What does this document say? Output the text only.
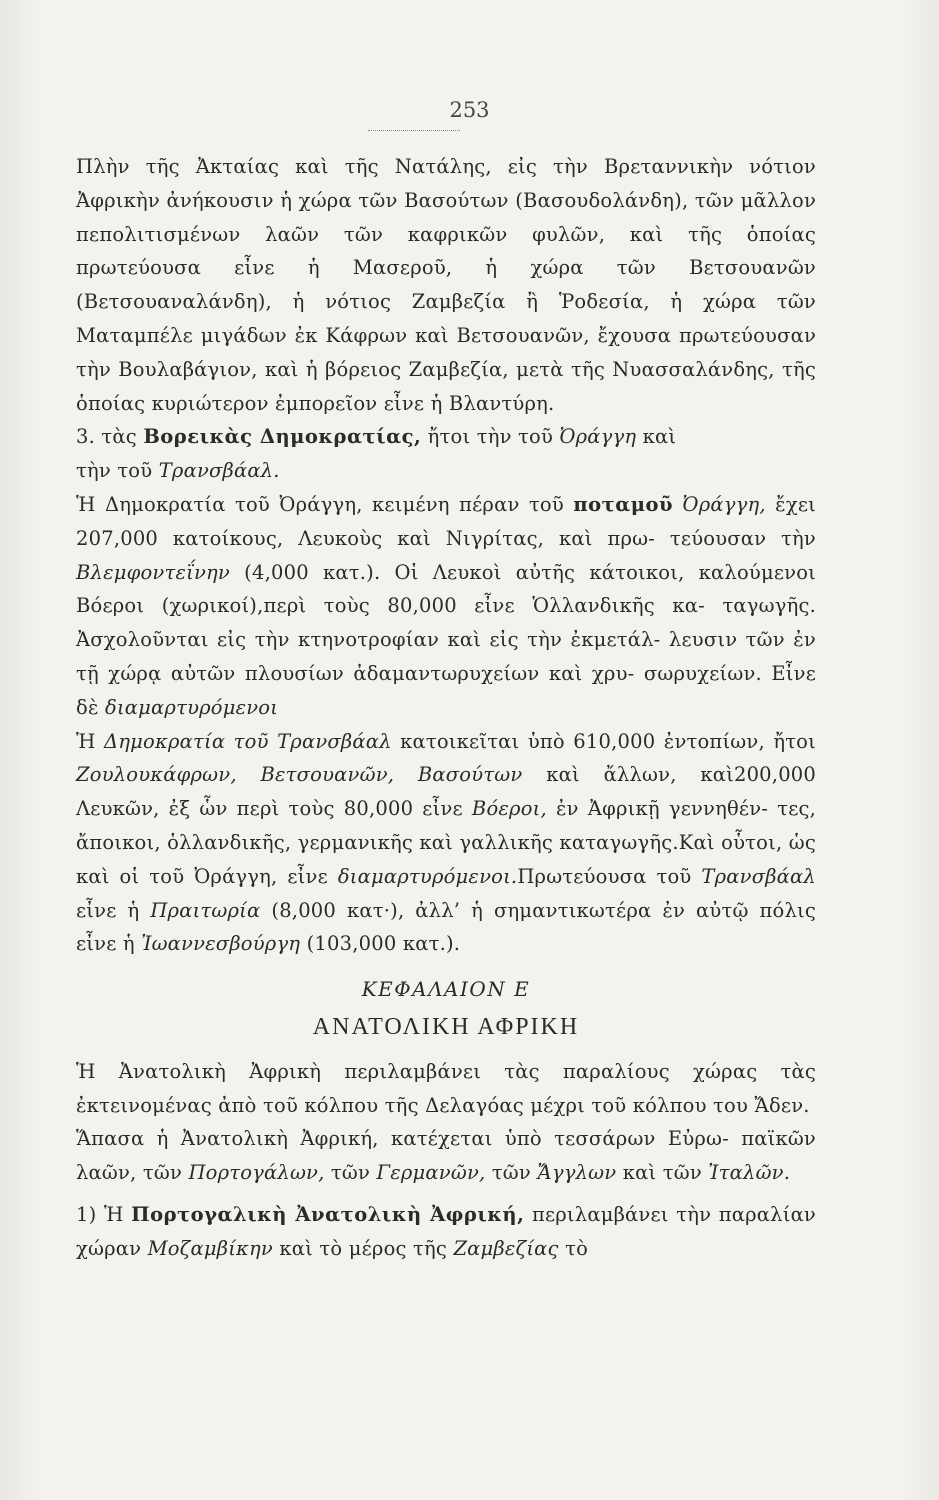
253

Πλὴν τῆς Ἀκταίας καὶ τῆς Νατάλης, εἰς τὴν Βρεταννικὴν νότιον Ἀφρικὴν ἀνήκουσιν ἡ χώρα τῶν Βασούτων (Βασουδολάνδη), τῶν μᾶλλον πεπολιτισμένων λαῶν τῶν καφρικῶν φυλῶν, καὶ τῆς ὁποίας πρωτεύουσα εἶνε ἡ Μασεροῦ, ἡ χώρα τῶν Βετσουανῶν (Βετσουαναλάνδη), ἡ νότιος Ζαμβεζία ἢ Ῥοδεσία, ἡ χώρα τῶν Ματαμπέλε μιγάδων ἐκ Κάφρων καὶ Βετσουανῶν, ἔχουσα πρωτεύουσαν τὴν Βουλαβάγιον, καὶ ἡ βόρειος Ζαμβεζία, μετὰ τῆς Νυασσαλάνδης, τῆς ὁποίας κυριώτερον ἐμπορεῖον εἶνε ἡ Βλαντύρη.

3. τὰς Βορεικὰς Δημοκρατίας, ἤτοι τὴν τοῦ Ὀράγγη καὶ
τὴν τοῦ Τρανσβάαλ.

Ἡ Δημοκρατία τοῦ Ὀράγγη, κειμένη πέραν τοῦ ποταμοῦ Ὀράγγη, ἔχει 207,000 κατοίκους, Λευκοὺς καὶ Νιγρίτας, καὶ πρω- τεύουσαν τὴν Βλεμφοντεΐνην (4,000 κατ.). Οἱ Λευκοὶ αὐτῆς κάτοικοι, καλούμενοι Βόεροι (χωρικοί),περὶ τοὺς 80,000 εἶνε Ὁλλανδικῆς κα- ταγωγῆς. Ἀσχολοῦνται εἰς τὴν κτηνοτροφίαν καὶ εἰς τὴν ἐκμετάλ- λευσιν τῶν ἐν τῇ χώρᾳ αὐτῶν πλουσίων ἀδαμαντωρυχείων καὶ χρυ- σωρυχείων. Εἶνε δὲ διαμαρτυρόμενοι

Ἡ Δημοκρατία τοῦ Τρανσβάαλ κατοικεῖται ὑπὸ 610,000 ἐντοπίων, ἤτοι Ζουλουκάφρων, Βετσουανῶν, Βασούτων καὶ ἄλλων, καὶ200,000 Λευκῶν, ἐξ ὧν περὶ τοὺς 80,000 εἶνε Βόεροι, ἐν Ἀφρικῇ γεννηθέν- τες, ἄποικοι, ὁλλανδικῆς, γερμανικῆς καὶ γαλλικῆς καταγωγῆς.Καὶ οὗτοι, ὡς καὶ οἱ τοῦ Ὀράγγη, εἶνε διαμαρτυρόμενοι.Πρωτεύουσα τοῦ Τρανσβάαλ εἶνε ἡ Πραιτωρία (8,000 κατ·), ἀλλ’ ἡ σημαντικωτέρα ἐν αὐτῷ πόλις εἶνε ἡ Ἰωαννεσβούργη (103,000 κατ.).

ΚΕΦΑΛΑΙΟΝ Ε
ΑΝΑΤΟΛΙΚΗ ΑΦΡΙΚΗ

Ἡ Ἀνατολικὴ Ἀφρικὴ περιλαμβάνει τὰς παραλίους χώρας τὰς ἐκτεινομένας ἀπὸ τοῦ κόλπου τῆς Δελαγόας μέχρι τοῦ κόλπου του Ἄδεν.

Ἅπασα ἡ Ἀνατολικὴ Ἀφρική, κατέχεται ὑπὸ τεσσάρων Εὐρω- παϊκῶν λαῶν, τῶν Πορτογάλων, τῶν Γερμανῶν, τῶν Ἄγγλων καὶ τῶν Ἰταλῶν.

1) Ἡ Πορτογαλικὴ Ἀνατολικὴ Ἀφρική, περιλαμβάνει τὴν παραλίαν χώραν Μοζαμβίκην καὶ τὸ μέρος τῆς Ζαμβεζίας τὸ
